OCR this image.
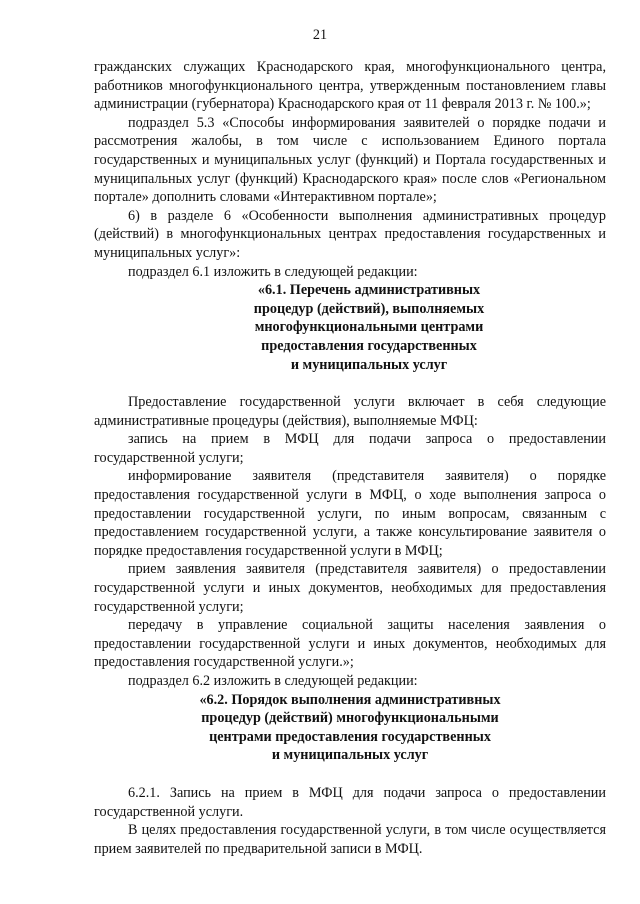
21

гражданских служащих Краснодарского края, многофункционального центра, работников многофункционального центра, утвержденным постановлением главы администрации (губернатора) Краснодарского края от 11 февраля 2013 г. № 100.»;

подраздел 5.3 «Способы информирования заявителей о порядке подачи и рассмотрения жалобы, в том числе с использованием Единого портала государственных и муниципальных услуг (функций) и Портала государственных и муниципальных услуг (функций) Краснодарского края» после слов «Региональном портале» дополнить словами «Интерактивном портале»;

6) в разделе 6 «Особенности выполнения административных процедур (действий) в многофункциональных центрах предоставления государственных и муниципальных услуг»:

подраздел 6.1 изложить в следующей редакции:

«6.1. Перечень административных
процедур (действий), выполняемых
многофункциональными центрами
предоставления государственных
и муниципальных услуг

Предоставление государственной услуги включает в себя следующие административные процедуры (действия), выполняемые МФЦ:

запись на прием в МФЦ для подачи запроса о предоставлении государственной услуги;

информирование заявителя (представителя заявителя) о порядке предоставления государственной услуги в МФЦ, о ходе выполнения запроса о предоставлении государственной услуги, по иным вопросам, связанным с предоставлением государственной услуги, а также консультирование заявителя о порядке предоставления государственной услуги в МФЦ;

прием заявления заявителя (представителя заявителя) о предоставлении государственной услуги и иных документов, необходимых для предоставления государственной услуги;

передачу в управление социальной защиты населения заявления о предоставлении государственной услуги и иных документов, необходимых для предоставления государственной услуги.»;

подраздел 6.2 изложить в следующей редакции:

«6.2. Порядок выполнения административных
процедур (действий) многофункциональными
центрами предоставления государственных
и муниципальных услуг

6.2.1. Запись на прием в МФЦ для подачи запроса о предоставлении государственной услуги.

В целях предоставления государственной услуги, в том числе осуществляется прием заявителей по предварительной записи в МФЦ.
